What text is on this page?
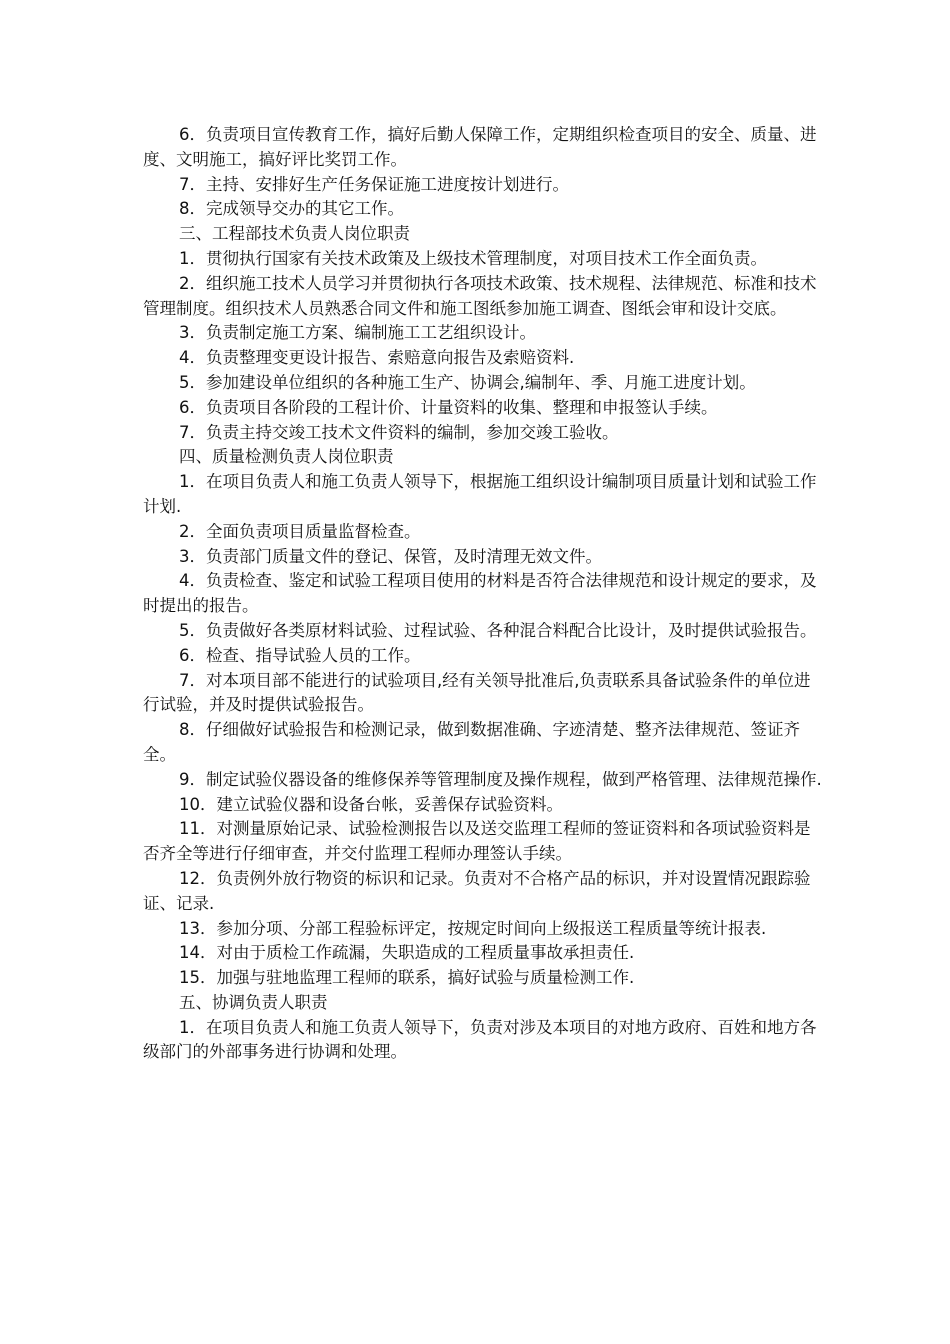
6．负责项目宣传教育工作，搞好后勤人保障工作，定期组织检查项目的安全、质量、进度、文明施工，搞好评比奖罚工作。

7．主持、安排好生产任务保证施工进度按计划进行。

8．完成领导交办的其它工作。

三、工程部技术负责人岗位职责

1．贯彻执行国家有关技术政策及上级技术管理制度，对项目技术工作全面负责。

2．组织施工技术人员学习并贯彻执行各项技术政策、技术规程、法律规范、标准和技术管理制度。组织技术人员熟悉合同文件和施工图纸参加施工调查、图纸会审和设计交底。

3．负责制定施工方案、编制施工工艺组织设计。

4．负责整理变更设计报告、索赔意向报告及索赔资料.

5．参加建设单位组织的各种施工生产、协调会,编制年、季、月施工进度计划。

6．负责项目各阶段的工程计价、计量资料的收集、整理和申报签认手续。

7．负责主持交竣工技术文件资料的编制，参加交竣工验收。

四、质量检测负责人岗位职责

1．在项目负责人和施工负责人领导下，根据施工组织设计编制项目质量计划和试验工作计划.

2．全面负责项目质量监督检查。

3．负责部门质量文件的登记、保管，及时清理无效文件。

4．负责检查、鉴定和试验工程项目使用的材料是否符合法律规范和设计规定的要求，及时提出的报告。

5．负责做好各类原材料试验、过程试验、各种混合料配合比设计，及时提供试验报告。

6．检查、指导试验人员的工作。

7．对本项目部不能进行的试验项目,经有关领导批准后,负责联系具备试验条件的单位进行试验，并及时提供试验报告。

8．仔细做好试验报告和检测记录，做到数据准确、字迹清楚、整齐法律规范、签证齐全。

9．制定试验仪器设备的维修保养等管理制度及操作规程，做到严格管理、法律规范操作.

10．建立试验仪器和设备台帐，妥善保存试验资料。

11．对测量原始记录、试验检测报告以及送交监理工程师的签证资料和各项试验资料是否齐全等进行仔细审查，并交付监理工程师办理签认手续。

12．负责例外放行物资的标识和记录。负责对不合格产品的标识，并对设置情况跟踪验证、记录.

13．参加分项、分部工程验标评定，按规定时间向上级报送工程质量等统计报表.

14．对由于质检工作疏漏，失职造成的工程质量事故承担责任.

15．加强与驻地监理工程师的联系，搞好试验与质量检测工作.

五、协调负责人职责

1．在项目负责人和施工负责人领导下，负责对涉及本项目的对地方政府、百姓和地方各级部门的外部事务进行协调和处理。
